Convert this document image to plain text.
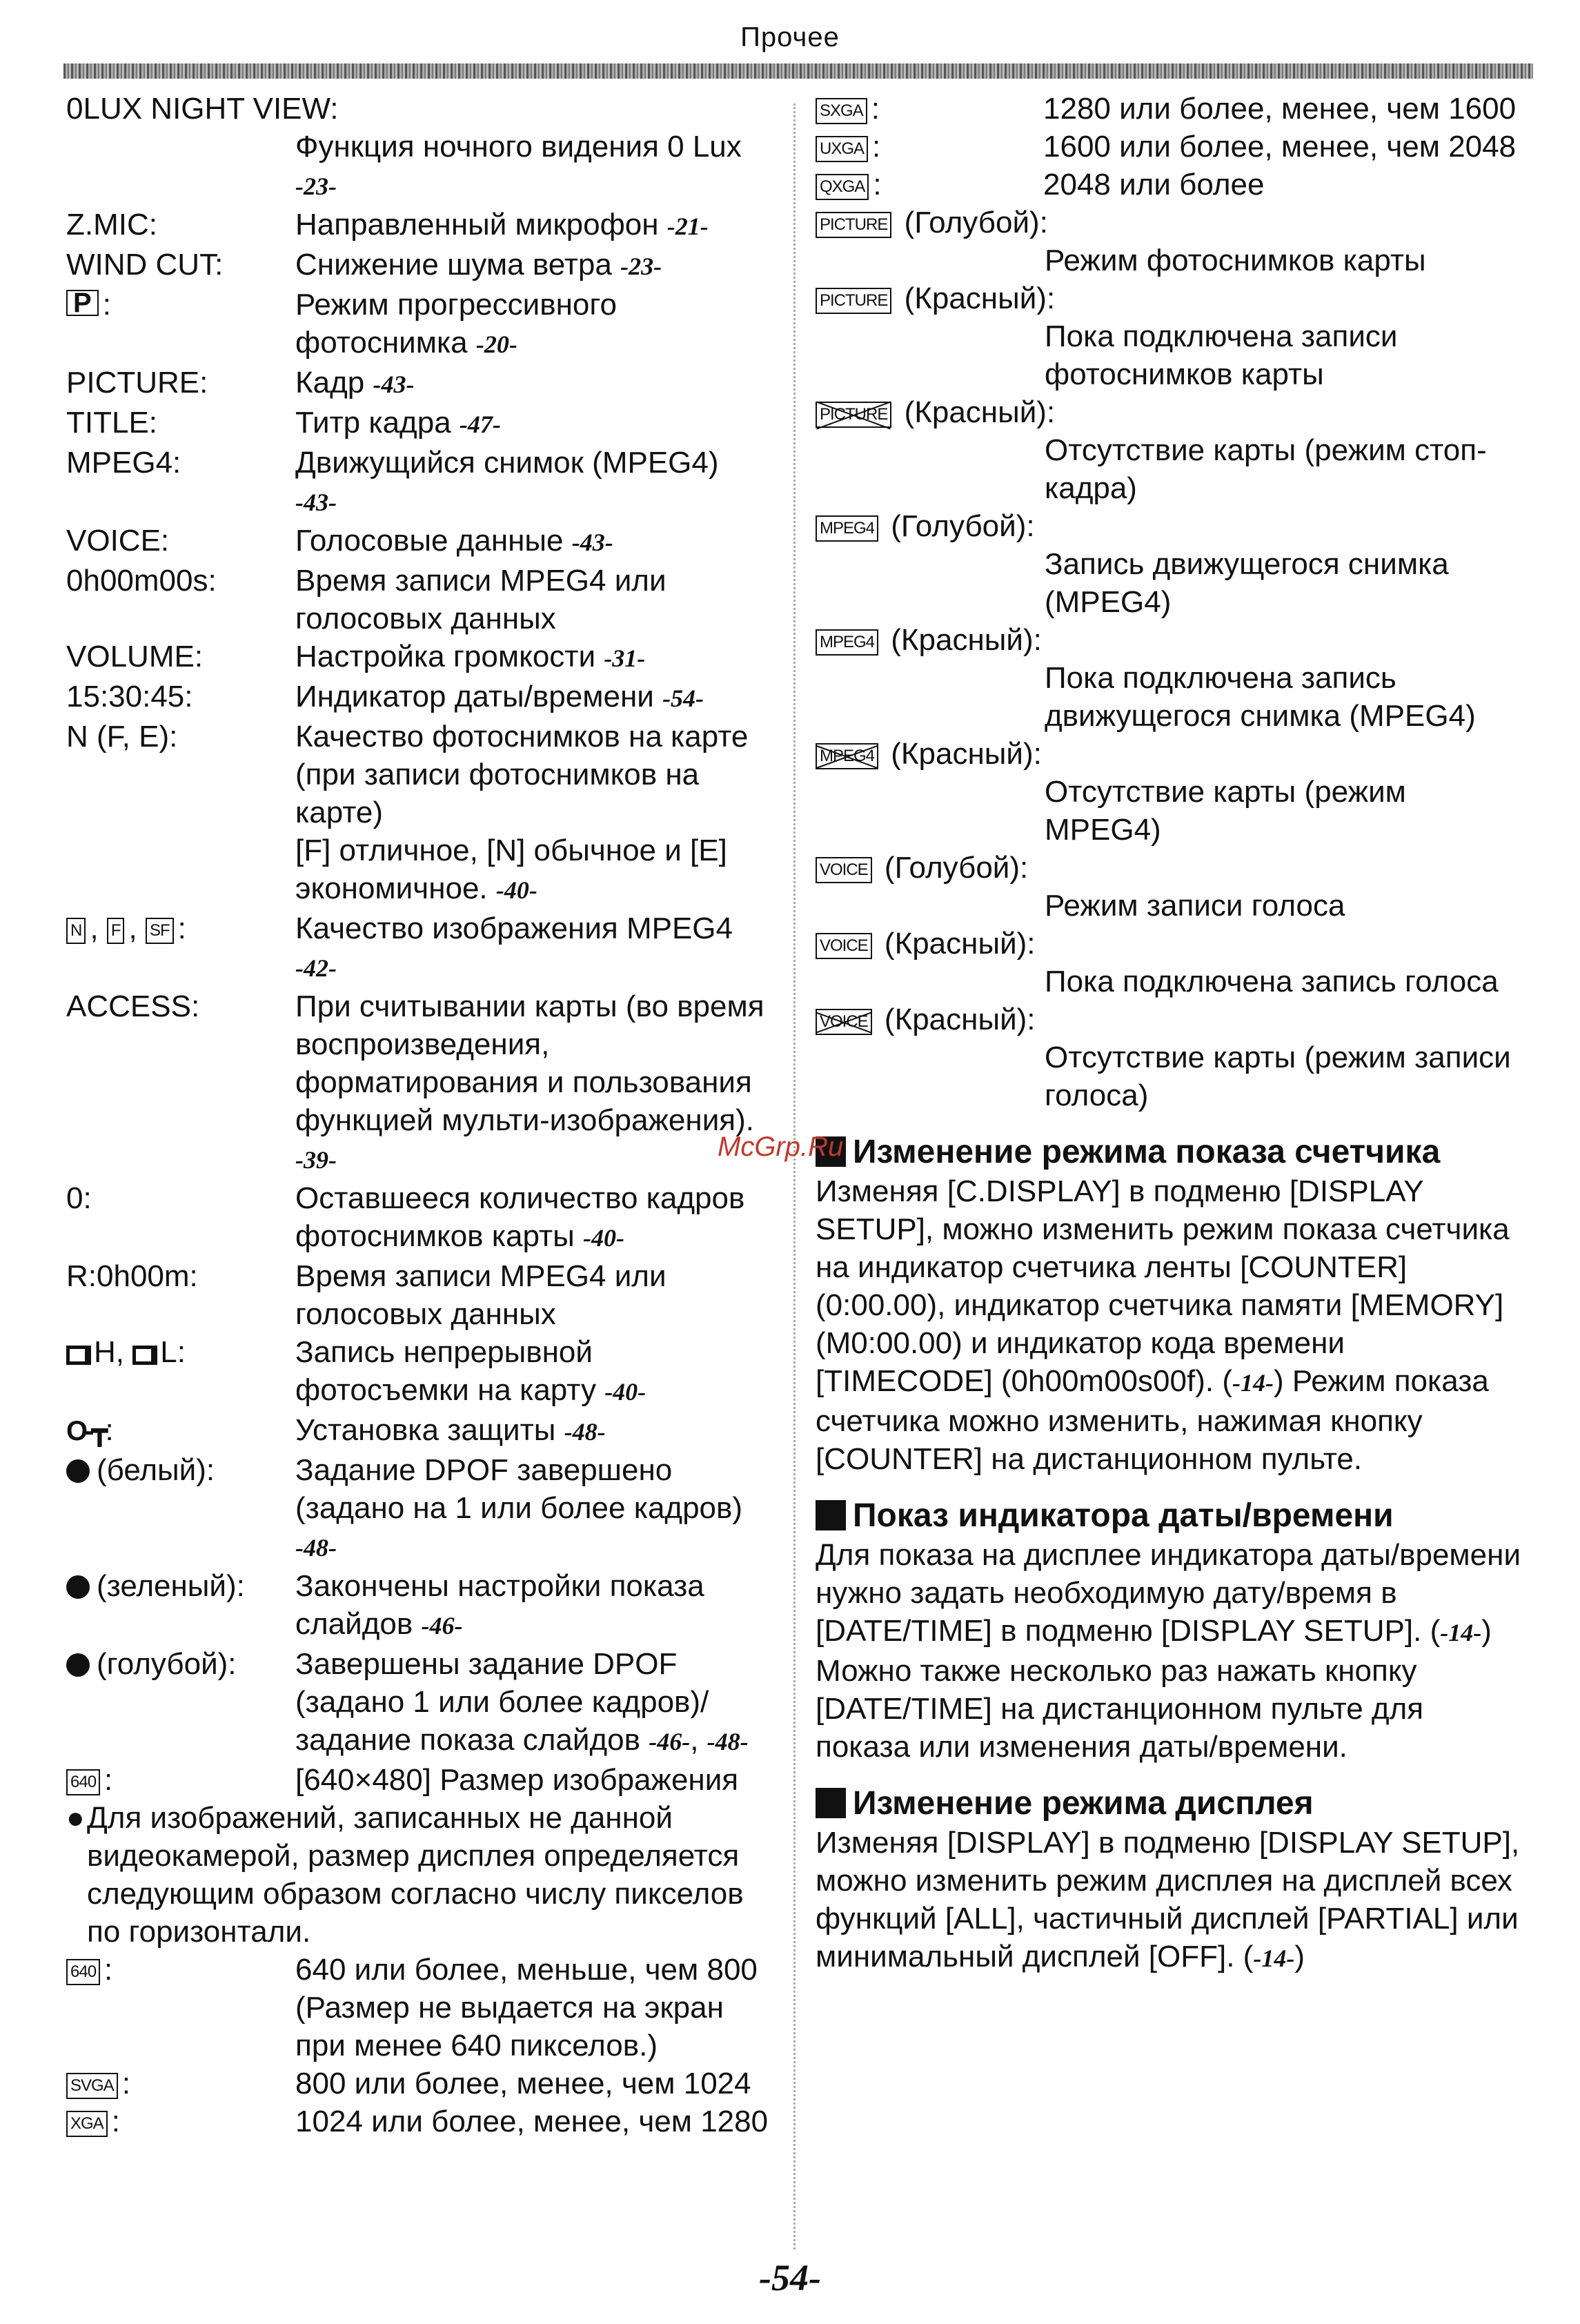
Прочее
0LUX NIGHT VIEW:
Функция ночного видения 0 Lux
-23-
Z.MIC:	Направленный микрофон -21-
WIND CUT:	Снижение шума ветра -23-
P :	Режим прогрессивного фотоснимка -20-
PICTURE:	Кадр -43-
TITLE:	Титр кадра -47-
MPEG4:	Движущийся снимок (MPEG4)
-43-
VOICE:	Голосовые данные -43-
0h00m00s:	Время записи MPEG4 или голосовых данных
VOLUME:	Настройка громкости -31-
15:30:45:	Индикатор даты/времени -54-
N (F, E):	Качество фотоснимков на карте (при записи фотоснимков на карте)
[F] отличное, [N] обычное и [E] экономичное. -40-
N , F , SF :	Качество изображения MPEG4
-42-
ACCESS:	При считывании карты (во время воспроизведения, форматирования и пользования функцией мульти-изображения). -39-
0:	Оставшееся количество кадров фотоснимков карты -40-
R:0h00m:	Время записи MPEG4 или голосовых данных
H, L:	Запись непрерывной фотосъемки на карту -40-
O-┳:	Установка защиты -48-
(белый):	Задание DPOF завершено (задано на 1 или более кадров)
-48-
(зеленый):	Закончены настройки показа слайдов -46-
(голубой):	Завершены задание DPOF (задано 1 или более кадров)/задание показа слайдов -46-, -48-
640 :	[640×480] Размер изображения
● Для изображений, записанных не данной видеокамерой, размер дисплея определяется следующим образом согласно числу пикселов по горизонтали.
640 :	640 или более, меньше, чем 800 (Размер не выдается на экран при менее 640 пикселов.)
SVGA :	800 или более, менее, чем 1024
XGA :	1024 или более, менее, чем 1280
SXGA :	1280 или более, менее, чем 1600
UXGA :	1600 или более, менее, чем 2048
QXGA :	2048 или более
PICTURE (Голубой):
Режим фотоснимков карты
PICTURE (Красный):
Пока подключена записи фотоснимков карты
PICTURE (Красный):
Отсутствие карты (режим стоп-кадра)
MPEG4 (Голубой):
Запись движущегося снимка (MPEG4)
MPEG4 (Красный):
Пока подключена запись движущегося снимка (MPEG4)
MPEG4 (Красный):
Отсутствие карты (режим MPEG4)
VOICE (Голубой):
Режим записи голоса
VOICE (Красный):
Пока подключена запись голоса
VOICE (Красный):
Отсутствие карты (режим записи голоса)
Изменение режима показа счетчика
Изменяя [C.DISPLAY] в подменю [DISPLAY SETUP], можно изменить режим показа счетчика на индикатор счетчика ленты [COUNTER] (0:00.00), индикатор счетчика памяти [MEMORY] (M0:00.00) и индикатор кода времени [TIMECODE] (0h00m00s00f). (-14-) Режим показа счетчика можно изменить, нажимая кнопку [COUNTER] на дистанционном пульте.
Показ индикатора даты/времени
Для показа на дисплее индикатора даты/времени нужно задать необходимую дату/время в [DATE/TIME] в подменю [DISPLAY SETUP]. (-14-)
Можно также несколько раз нажать кнопку [DATE/TIME] на дистанционном пульте для показа или изменения даты/времени.
Изменение режима дисплея
Изменяя [DISPLAY] в подменю [DISPLAY SETUP], можно изменить режим дисплея на дисплей всех функций [ALL], частичный дисплей [PARTIAL] или минимальный дисплей [OFF]. (-14-)
McGrp.Ru
-54-
